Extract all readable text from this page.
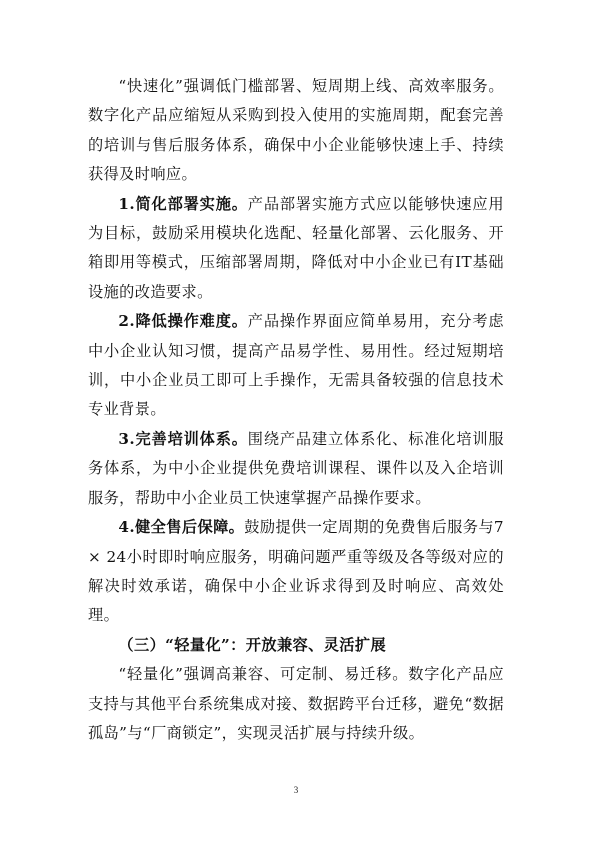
“快速化”强调低门槛部署、短周期上线、高效率服务。数字化产品应缩短从采购到投入使用的实施周期，配套完善的培训与售后服务体系，确保中小企业能够快速上手、持续获得及时响应。

1.简化部署实施。产品部署实施方式应以能够快速应用为目标，鼓励采用模块化选配、轻量化部署、云化服务、开箱即用等模式，压缩部署周期，降低对中小企业已有IT基础设施的改造要求。

2.降低操作难度。产品操作界面应简单易用，充分考虑中小企业认知习惯，提高产品易学性、易用性。经过短期培训，中小企业员工即可上手操作，无需具备较强的信息技术专业背景。

3.完善培训体系。围绕产品建立体系化、标准化培训服务体系，为中小企业提供免费培训课程、课件以及入企培训服务，帮助中小企业员工快速掌握产品操作要求。

4.健全售后保障。鼓励提供一定周期的免费售后服务与7 × 24小时即时响应服务，明确问题严重等级及各等级对应的解决时效承诺，确保中小企业诉求得到及时响应、高效处理。

（三）“轻量化”：开放兼容、灵活扩展

“轻量化”强调高兼容、可定制、易迁移。数字化产品应支持与其他平台系统集成对接、数据跨平台迁移，避免“数据孤岛”与“厂商锁定”，实现灵活扩展与持续升级。

3
